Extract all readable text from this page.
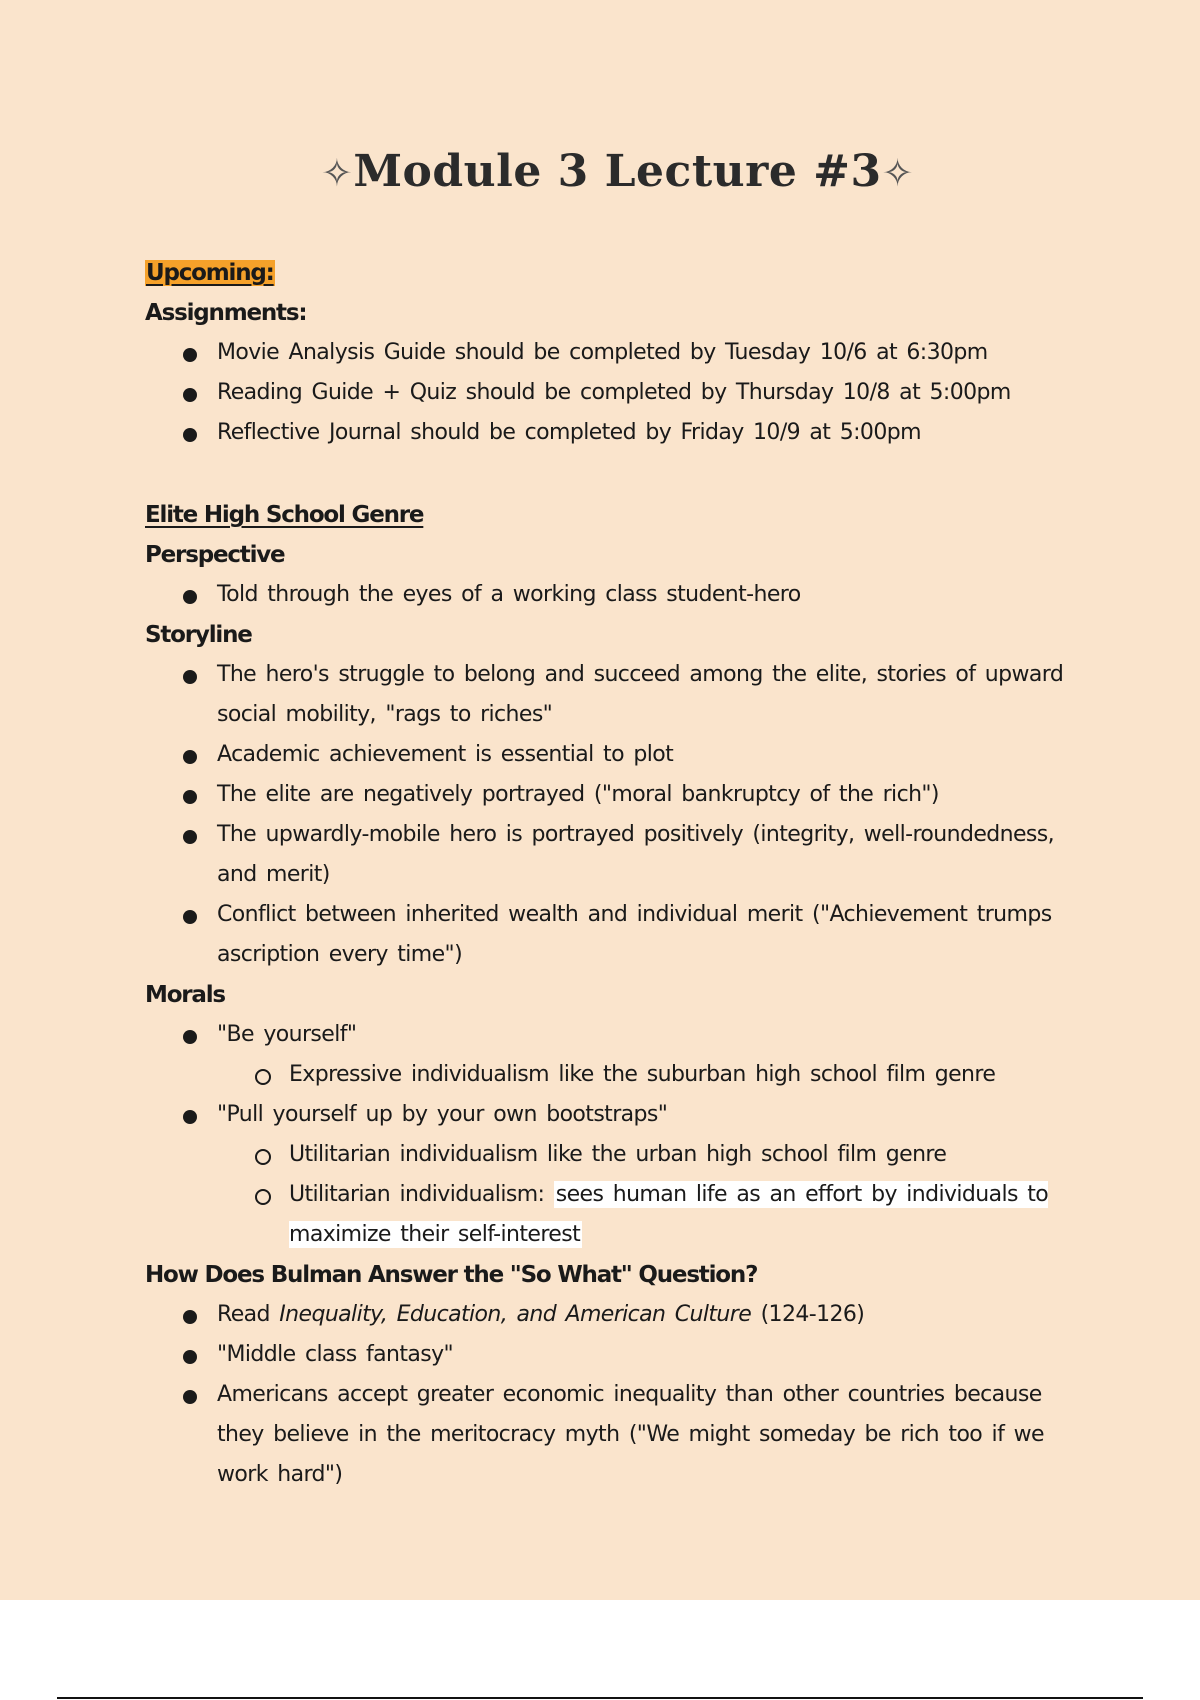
✧Module 3 Lecture #3✧
Upcoming:
Assignments:
Movie Analysis Guide should be completed by Tuesday 10/6 at 6:30pm
Reading Guide + Quiz should be completed by Thursday 10/8 at 5:00pm
Reflective Journal should be completed by Friday 10/9 at 5:00pm
Elite High School Genre
Perspective
Told through the eyes of a working class student-hero
Storyline
The hero's struggle to belong and succeed among the elite, stories of upward social mobility, "rags to riches"
Academic achievement is essential to plot
The elite are negatively portrayed ("moral bankruptcy of the rich")
The upwardly-mobile hero is portrayed positively (integrity, well-roundedness, and merit)
Conflict between inherited wealth and individual merit ("Achievement trumps ascription every time")
Morals
"Be yourself"
Expressive individualism like the suburban high school film genre
"Pull yourself up by your own bootstraps"
Utilitarian individualism like the urban high school film genre
Utilitarian individualism: sees human life as an effort by individuals to maximize their self-interest
How Does Bulman Answer the "So What" Question?
Read Inequality, Education, and American Culture (124-126)
"Middle class fantasy"
Americans accept greater economic inequality than other countries because they believe in the meritocracy myth ("We might someday be rich too if we work hard")
